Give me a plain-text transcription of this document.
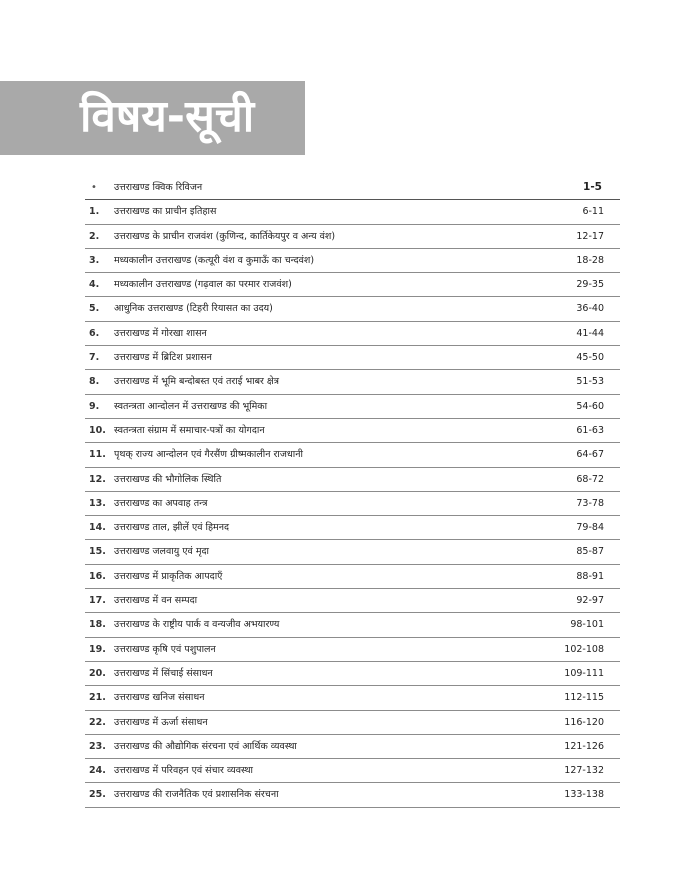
विषय-सूची
• उत्तराखण्ड क्विक रिविजन	1-5
1.	उत्तराखण्ड का प्राचीन इतिहास	6-11
2.	उत्तराखण्ड के प्राचीन राजवंश (कुणिन्द, कार्तिकेयपुर व अन्य वंश)	12-17
3.	मध्यकालीन उत्तराखण्ड (कत्यूरी वंश व कुमाऊँ का चन्दवंश)	18-28
4.	मध्यकालीन उत्तराखण्ड (गढ़वाल का परमार राजवंश)	29-35
5.	आधुनिक उत्तराखण्ड (टिहरी रियासत का उदय)	36-40
6.	उत्तराखण्ड में गोरखा शासन	41-44
7.	उत्तराखण्ड में ब्रिटिश प्रशासन	45-50
8.	उत्तराखण्ड में भूमि बन्दोबस्त एवं तराई भाबर क्षेत्र	51-53
9.	स्वतन्त्रता आन्दोलन में उत्तराखण्ड की भूमिका	54-60
10. स्वतन्त्रता संग्राम में समाचार-पत्रों का योगदान	61-63
11. पृथक् राज्य आन्दोलन एवं गैरसैंण ग्रीष्मकालीन राजधानी	64-67
12. उत्तराखण्ड की भौगोलिक स्थिति	68-72
13. उत्तराखण्ड का अपवाह तन्त्र	73-78
14. उत्तराखण्ड ताल, झीलें एवं हिमनद	79-84
15. उत्तराखण्ड जलवायु एवं मृदा	85-87
16. उत्तराखण्ड में प्राकृतिक आपदाएँ	88-91
17. उत्तराखण्ड में वन सम्पदा	92-97
18. उत्तराखण्ड के राष्ट्रीय पार्क व वन्यजीव अभयारण्य	98-101
19. उत्तराखण्ड कृषि एवं पशुपालन	102-108
20. उत्तराखण्ड में सिंचाई संसाधन	109-111
21. उत्तराखण्ड खनिज संसाधन	112-115
22. उत्तराखण्ड में ऊर्जा संसाधन	116-120
23. उत्तराखण्ड की औद्योगिक संरचना एवं आर्थिक व्यवस्था	121-126
24. उत्तराखण्ड में परिवहन एवं संचार व्यवस्था	127-132
25. उत्तराखण्ड की राजनैतिक एवं प्रशासनिक संरचना	133-138
